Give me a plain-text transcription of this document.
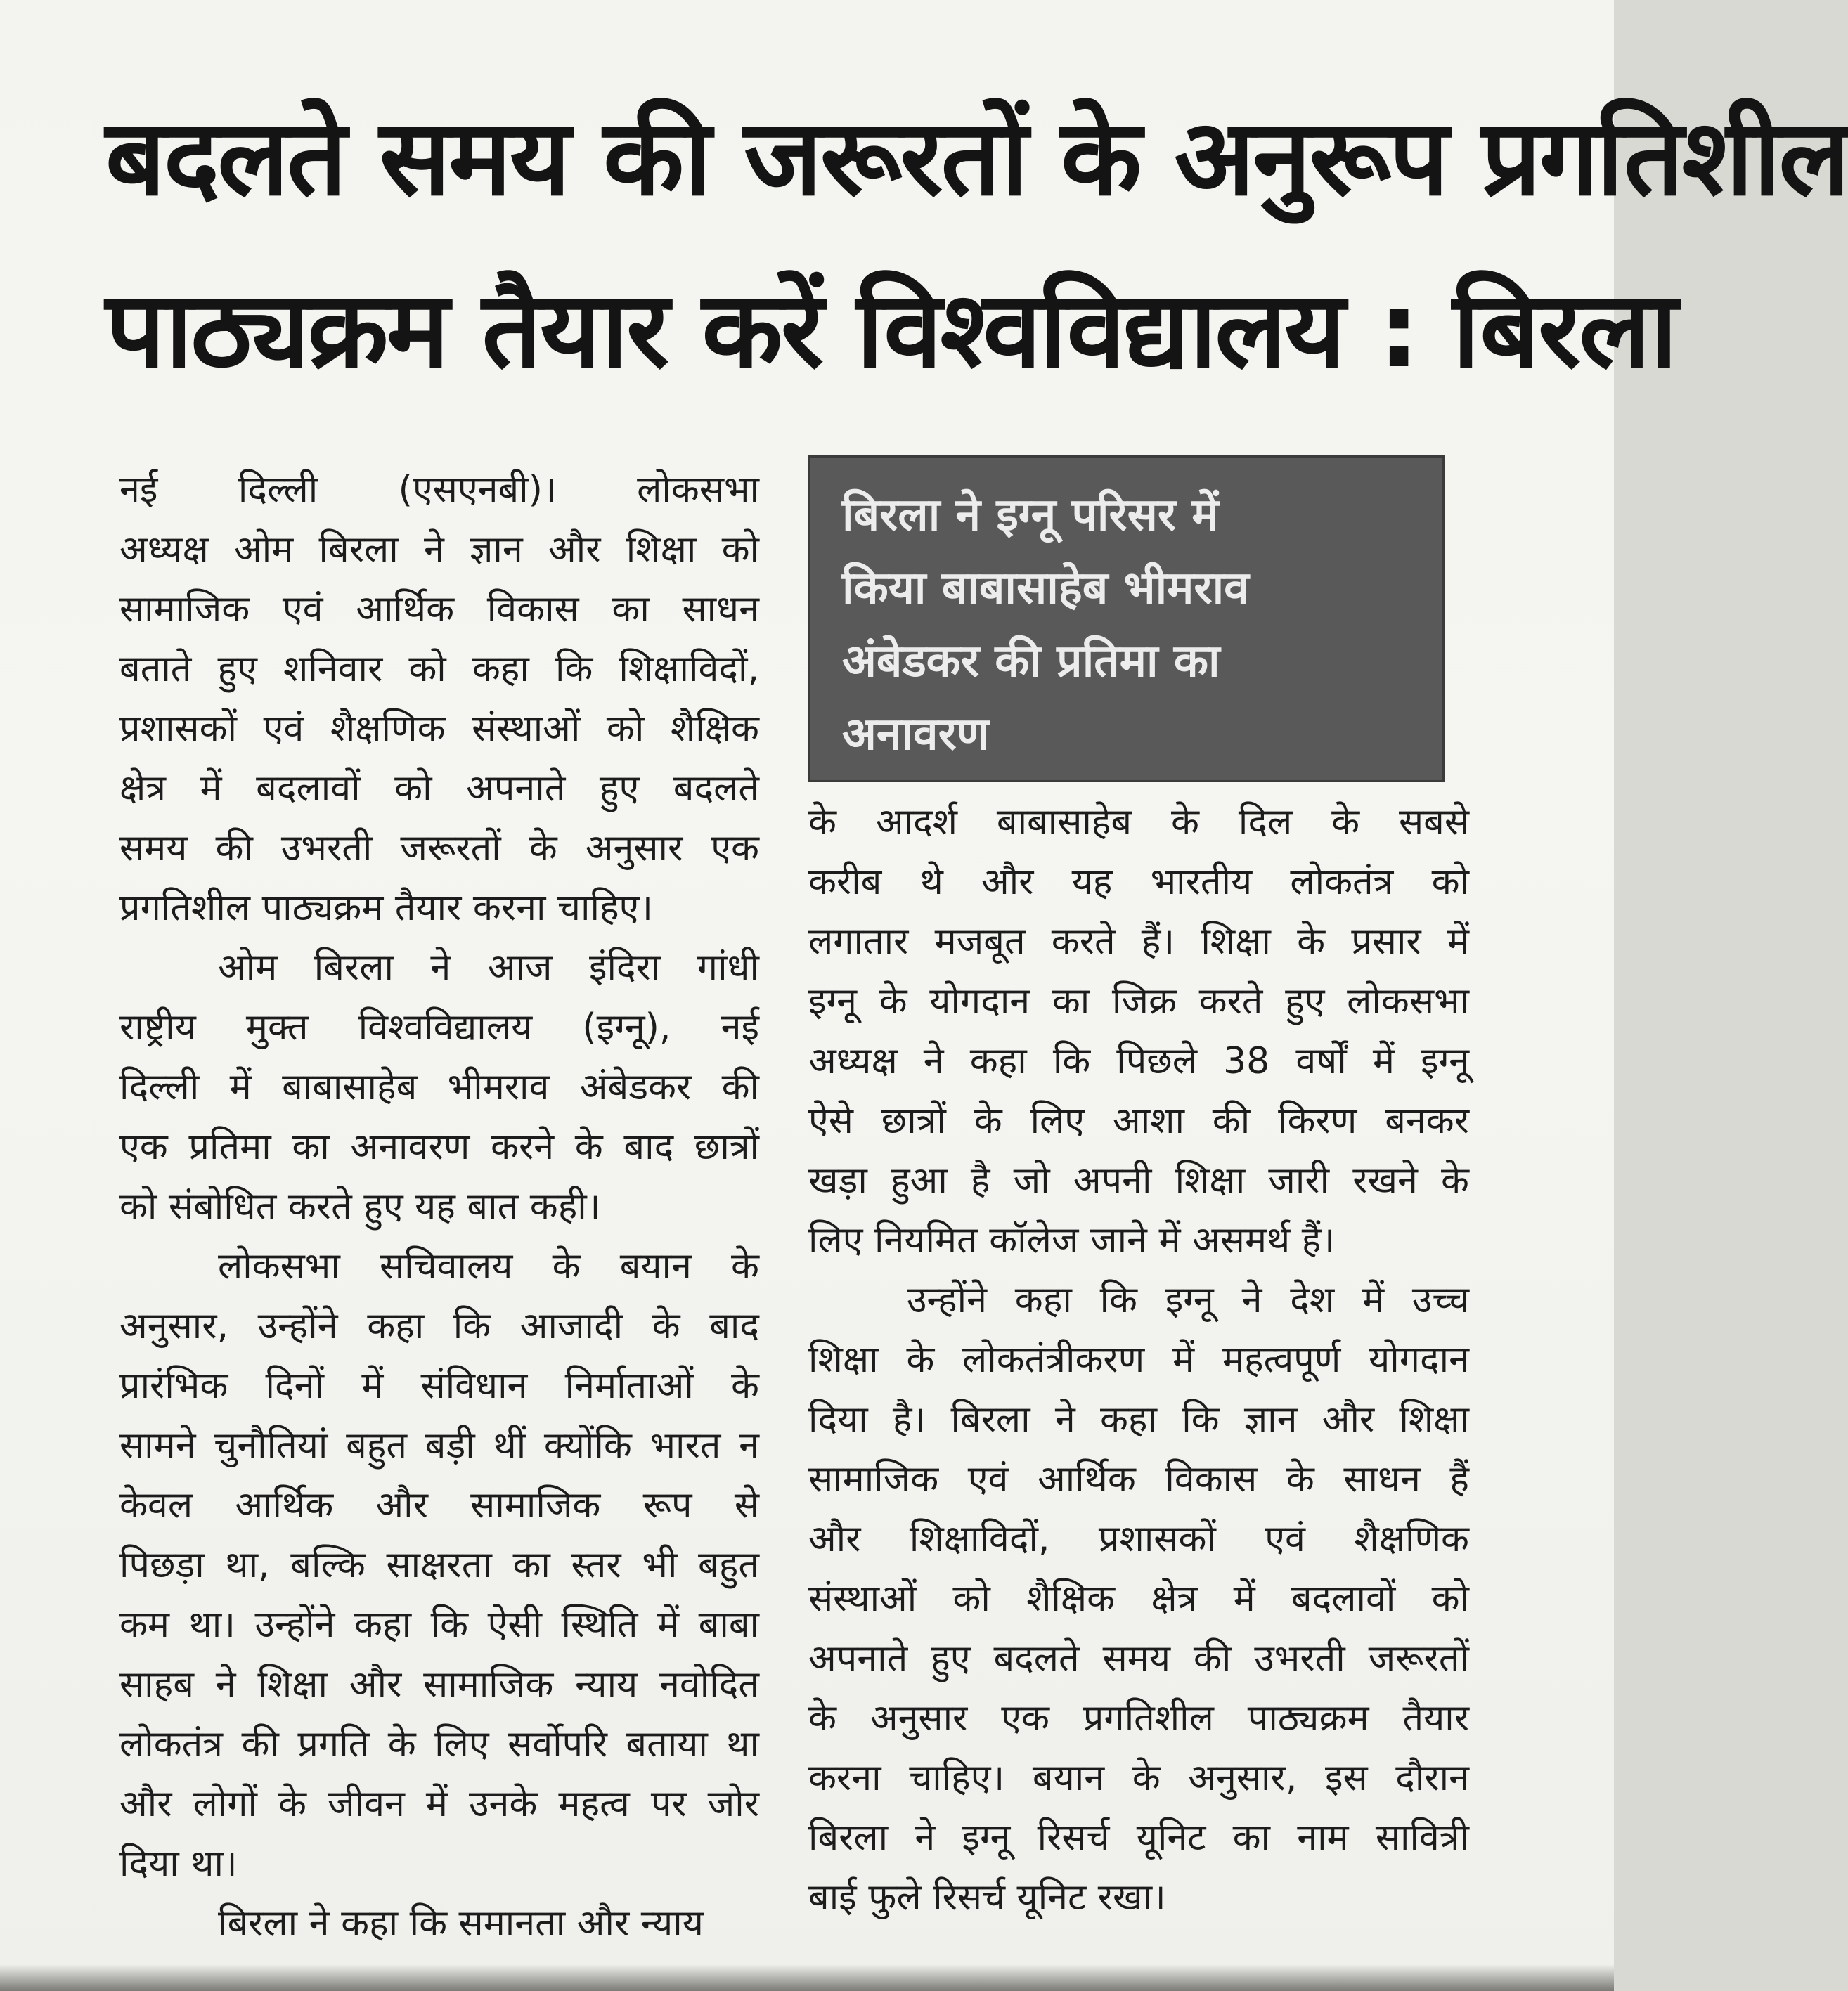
बदलते समय की जरूरतों के अनुरूप प्रगतिशील
पाठ्यक्रम तैयार करें विश्वविद्यालय : बिरला
नई दिल्ली (एसएनबी)। लोकसभा
अध्यक्ष ओम बिरला ने ज्ञान और शिक्षा को
सामाजिक एवं आर्थिक विकास का साधन
बताते हुए शनिवार को कहा कि शिक्षाविदों,
प्रशासकों एवं शैक्षणिक संस्थाओं को शैक्षिक
क्षेत्र में बदलावों को अपनाते हुए बदलते
समय की उभरती जरूरतों के अनुसार एक
प्रगतिशील पाठ्यक्रम तैयार करना चाहिए।
ओम बिरला ने आज इंदिरा गांधी
राष्ट्रीय मुक्त विश्वविद्यालय (इग्नू), नई
दिल्ली में बाबासाहेब भीमराव अंबेडकर की
एक प्रतिमा का अनावरण करने के बाद छात्रों
को संबोधित करते हुए यह बात कही।
लोकसभा सचिवालय के बयान के
अनुसार, उन्होंने कहा कि आजादी के बाद
प्रारंभिक दिनों में संविधान निर्माताओं के
सामने चुनौतियां बहुत बड़ी थीं क्योंकि भारत न
केवल आर्थिक और सामाजिक रूप से
पिछड़ा था, बल्कि साक्षरता का स्तर भी बहुत
कम था। उन्होंने कहा कि ऐसी स्थिति में बाबा
साहब ने शिक्षा और सामाजिक न्याय नवोदित
लोकतंत्र की प्रगति के लिए सर्वोपरि बताया था
और लोगों के जीवन में उनके महत्व पर जोर
दिया था।
बिरला ने कहा कि समानता और न्याय
बिरला ने इग्नू परिसर में
किया बाबासाहेब भीमराव
अंबेडकर की प्रतिमा का
अनावरण
के आदर्श बाबासाहेब के दिल के सबसे
करीब थे और यह भारतीय लोकतंत्र को
लगातार मजबूत करते हैं। शिक्षा के प्रसार में
इग्नू के योगदान का जिक्र करते हुए लोकसभा
अध्यक्ष ने कहा कि पिछले 38 वर्षों में इग्नू
ऐसे छात्रों के लिए आशा की किरण बनकर
खड़ा हुआ है जो अपनी शिक्षा जारी रखने के
लिए नियमित कॉलेज जाने में असमर्थ हैं।
उन्होंने कहा कि इग्नू ने देश में उच्च
शिक्षा के लोकतंत्रीकरण में महत्वपूर्ण योगदान
दिया है। बिरला ने कहा कि ज्ञान और शिक्षा
सामाजिक एवं आर्थिक विकास के साधन हैं
और शिक्षाविदों, प्रशासकों एवं शैक्षणिक
संस्थाओं को शैक्षिक क्षेत्र में बदलावों को
अपनाते हुए बदलते समय की उभरती जरूरतों
के अनुसार एक प्रगतिशील पाठ्यक्रम तैयार
करना चाहिए। बयान के अनुसार, इस दौरान
बिरला ने इग्नू रिसर्च यूनिट का नाम सावित्री
बाई फुले रिसर्च यूनिट रखा।
